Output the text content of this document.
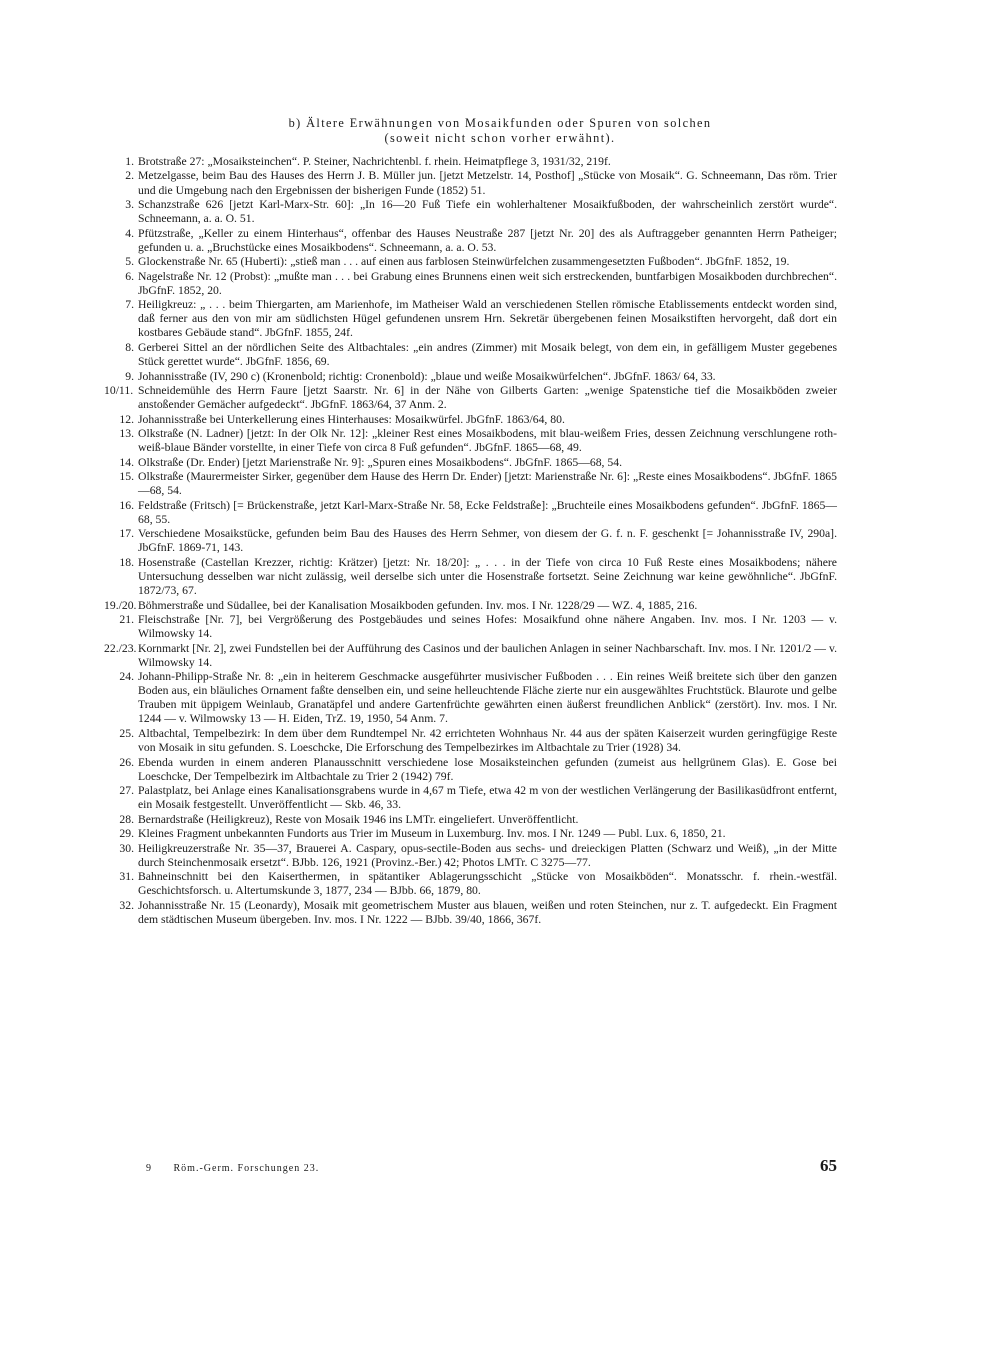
b) Ältere Erwähnungen von Mosaikfunden oder Spuren von solchen
(soweit nicht schon vorher erwähnt).
1. Brotstraße 27: „Mosaiksteinchen“. P. Steiner, Nachrichtenbl. f. rhein. Heimatpflege 3, 1931/32, 219f.
2. Metzelgasse, beim Bau des Hauses des Herrn J. B. Müller jun. [jetzt Metzelstr. 14, Posthof] „Stücke von Mosaik“. G. Schneemann, Das röm. Trier und die Umgebung nach den Ergebnissen der bisherigen Funde (1852) 51.
3. Schanzstraße 626 [jetzt Karl-Marx-Str. 60]: „In 16—20 Fuß Tiefe ein wohlerhaltener Mosaikfußboden, der wahrscheinlich zerstört wurde“. Schneemann, a. a. O. 51.
4. Pfützstraße, „Keller zu einem Hinterhaus“, offenbar des Hauses Neustraße 287 [jetzt Nr. 20] des als Auftraggeber genannten Herrn Patheiger; gefunden u. a. „Bruchstücke eines Mosaikbodens“. Schneemann, a. a. O. 53.
5. Glockenstraße Nr. 65 (Huberti): „stieß man . . . auf einen aus farblosen Steinwürfelchen zusammengesetzten Fußboden“. JbGfnF. 1852, 19.
6. Nagelstraße Nr. 12 (Probst): „mußte man . . . bei Grabung eines Brunnens einen weit sich erstreckenden, buntfarbigen Mosaikboden durchbrechen“. JbGfnF. 1852, 20.
7. Heiligkreuz: „ . . . beim Thiergarten, am Marienhofe, im Matheiser Wald an verschiedenen Stellen römische Etablissements entdeckt worden sind, daß ferner aus den von mir am südlichsten Hügel gefundenen unsrem Hrn. Sekretär übergebenen feinen Mosaikstiften hervorgeht, daß dort ein kostbares Gebäude stand“. JbGfnF. 1855, 24f.
8. Gerberei Sittel an der nördlichen Seite des Altbachtales: „ein andres (Zimmer) mit Mosaik belegt, von dem ein, in gefälligem Muster gegebenes Stück gerettet wurde“. JbGfnF. 1856, 69.
9. Johannisstraße (IV, 290 c) (Kronenbold; richtig: Cronenbold): „blaue und weiße Mosaikwürfelchen“. JbGfnF. 1863/ 64, 33.
10/11. Schneidemühle des Herrn Faure [jetzt Saarstr. Nr. 6] in der Nähe von Gilberts Garten: „wenige Spatenstiche tief die Mosaikböden zweier anstoßender Gemächer aufgedeckt“. JbGfnF. 1863/64, 37 Anm. 2.
12. Johannisstraße bei Unterkellerung eines Hinterhauses: Mosaikwürfel. JbGfnF. 1863/64, 80.
13. Olkstraße (N. Ladner) [jetzt: In der Olk Nr. 12]: „kleiner Rest eines Mosaikbodens, mit blau-weißem Fries, dessen Zeichnung verschlungene roth-weiß-blaue Bänder vorstellte, in einer Tiefe von circa 8 Fuß gefunden“. JbGfnF. 1865—68, 49.
14. Olkstraße (Dr. Ender) [jetzt Marienstraße Nr. 9]: „Spuren eines Mosaikbodens“. JbGfnF. 1865—68, 54.
15. Olkstraße (Maurermeister Sirker, gegenüber dem Hause des Herrn Dr. Ender) [jetzt: Marienstraße Nr. 6]: „Reste eines Mosaikbodens“. JbGfnF. 1865—68, 54.
16. Feldstraße (Fritsch) [= Brückenstraße, jetzt Karl-Marx-Straße Nr. 58, Ecke Feldstraße]: „Bruchteile eines Mosaikbodens gefunden“. JbGfnF. 1865—68, 55.
17. Verschiedene Mosaikstücke, gefunden beim Bau des Hauses des Herrn Sehmer, von diesem der G. f. n. F. geschenkt [= Johannisstraße IV, 290a]. JbGfnF. 1869-71, 143.
18. Hosenstraße (Castellan Krezzer, richtig: Krätzer) [jetzt: Nr. 18/20]: „ . . . in der Tiefe von circa 10 Fuß Reste eines Mosaikbodens; nähere Untersuchung desselben war nicht zulässig, weil derselbe sich unter die Hosenstraße fortsetzt. Seine Zeichnung war keine gewöhnliche“. JbGfnF. 1872/73, 67.
19./20. Böhmerstraße und Südallee, bei der Kanalisation Mosaikboden gefunden. Inv. mos. I Nr. 1228/29 — WZ. 4, 1885, 216.
21. Fleischstraße [Nr. 7], bei Vergrößerung des Postgebäudes und seines Hofes: Mosaikfund ohne nähere Angaben. Inv. mos. I Nr. 1203 — v. Wilmowsky 14.
22./23. Kornmarkt [Nr. 2], zwei Fundstellen bei der Aufführung des Casinos und der baulichen Anlagen in seiner Nachbarschaft. Inv. mos. I Nr. 1201/2 — v. Wilmowsky 14.
24. Johann-Philipp-Straße Nr. 8: „ein in heiterem Geschmacke ausgeführter musivischer Fußboden . . . Ein reines Weiß breitete sich über den ganzen Boden aus, ein bläuliches Ornament faßte denselben ein, und seine helleuchtende Fläche zierte nur ein ausgewähltes Fruchtstück. Blaurote und gelbe Trauben mit üppigem Weinlaub, Granatäpfel und andere Gartenfrüchte gewährten einen äußerst freundlichen Anblick“ (zerstört). Inv. mos. I Nr. 1244 — v. Wilmowsky 13 — H. Eiden, TrZ. 19, 1950, 54 Anm. 7.
25. Altbachtal, Tempelbezirk: In dem über dem Rundtempel Nr. 42 errichteten Wohnhaus Nr. 44 aus der späten Kaiserzeit wurden geringfügige Reste von Mosaik in situ gefunden. S. Loeschcke, Die Erforschung des Tempelbezirkes im Altbachtale zu Trier (1928) 34.
26. Ebenda wurden in einem anderen Planausschnitt verschiedene lose Mosaiksteinchen gefunden (zumeist aus hellgrünem Glas). E. Gose bei Loeschcke, Der Tempelbezirk im Altbachtale zu Trier 2 (1942) 79f.
27. Palastplatz, bei Anlage eines Kanalisationsgrabens wurde in 4,67 m Tiefe, etwa 42 m von der westlichen Verlängerung der Basilikasüdfront entfernt, ein Mosaik festgestellt. Unveröffentlicht — Skb. 46, 33.
28. Bernardstraße (Heiligkreuz), Reste von Mosaik 1946 ins LMTr. eingeliefert. Unveröffentlicht.
29. Kleines Fragment unbekannten Fundorts aus Trier im Museum in Luxemburg. Inv. mos. I Nr. 1249 — Publ. Lux. 6, 1850, 21.
30. Heiligkreuzerstraße Nr. 35—37, Brauerei A. Caspary, opus-sectile-Boden aus sechs- und dreieckigen Platten (Schwarz und Weiß), „in der Mitte durch Steinchenmosaik ersetzt“. BJbb. 126, 1921 (Provinz.-Ber.) 42; Photos LMTr. C 3275—77.
31. Bahneinschnitt bei den Kaiserthermen, in spätantiker Ablagerungsschicht „Stücke von Mosaikböden“. Monatsschr. f. rhein.-westfäl. Geschichtsforsch. u. Altertumskunde 3, 1877, 234 — BJbb. 66, 1879, 80.
32. Johannisstraße Nr. 15 (Leonardy), Mosaik mit geometrischem Muster aus blauen, weißen und roten Steinchen, nur z. T. aufgedeckt. Ein Fragment dem städtischen Museum übergeben. Inv. mos. I Nr. 1222 — BJbb. 39/40, 1866, 367f.
9 Röm.-Germ. Forschungen 23.	65
